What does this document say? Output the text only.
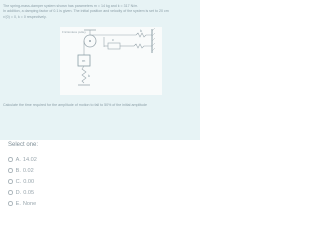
The spring-mass-damper system shown has parameters m = 14 kg and k = 317 N/m.
In addition, a damping factor of 0.1 is given. The initial position and velocity of the system is set to 20 cm
x'(0) = 0, k = 0 respectively.
Frictionless pulley
m
k
k
c
Calculate the time required for the amplitude of motion to fall to 50% of the initial amplitude
Select one:
A. 14.02
B. 0.02
C. 0.00
D. 0.05
E. None
